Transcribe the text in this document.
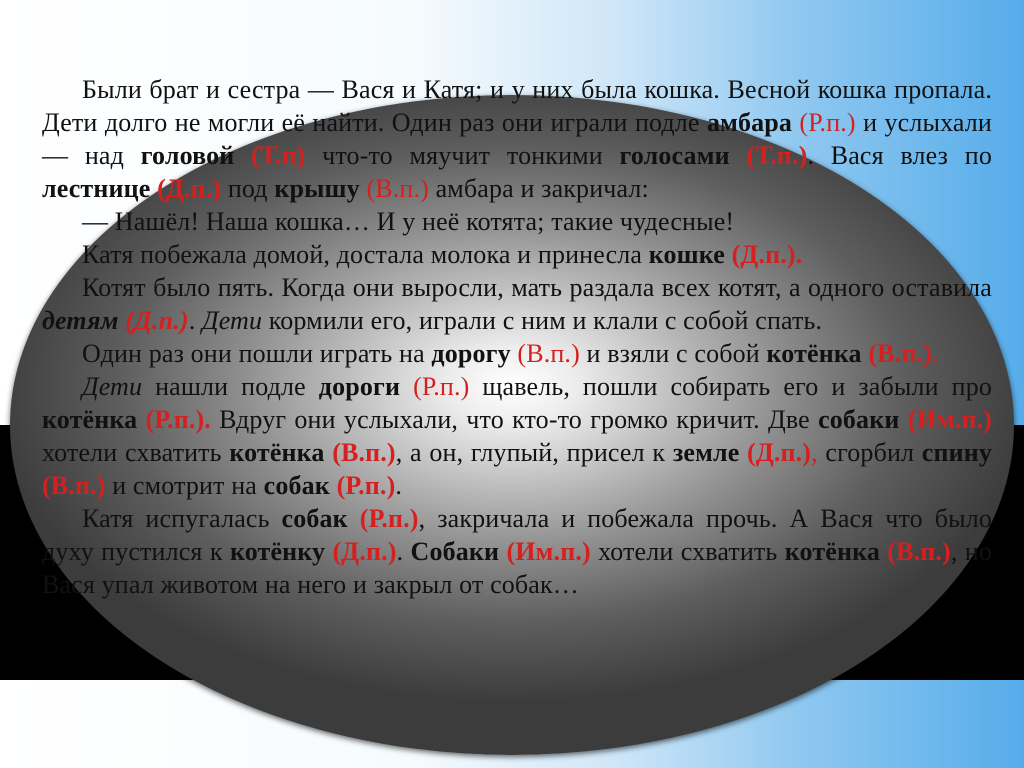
Были брат и сестра — Вася и Катя; и у них была кошка. Весной кошка пропала. Дети долго не могли её найти. Один раз они играли подле амбара (Р.п.) и услыхали — над головой (Т.п) что-то мяучит тонкими голосами (Т.п.). Вася влез по лестнице (Д.п.) под крышу (В.п.) амбара и закричал:

— Нашёл! Наша кошка… И у неё котята; такие чудесные!

Катя побежала домой, достала молока и принесла кошке (Д.п.).

Котят было пять. Когда они выросли, мать раздала всех котят, а одного оставила детям (Д.п.). Дети кормили его, играли с ним и клали с собой спать.

Один раз они пошли играть на дорогу (В.п.) и взяли с собой котёнка (В.п.).

Дети нашли подле дороги (Р.п.) щавель, пошли собирать его и забыли про котёнка (Р.п.). Вдруг они услыхали, что кто-то громко кричит. Две собаки (Им.п.) хотели схватить котёнка (В.п.), а он, глупый, присел к земле (Д.п.), сгорбил спину (В.п.) и смотрит на собак (Р.п.).

Катя испугалась собак (Р.п.), закричала и побежала прочь. А Вася что было духу пустился к котёнку (Д.п.). Собаки (Им.п.) хотели схватить котёнка (В.п.), но Вася упал животом на него и закрыл от собак…
